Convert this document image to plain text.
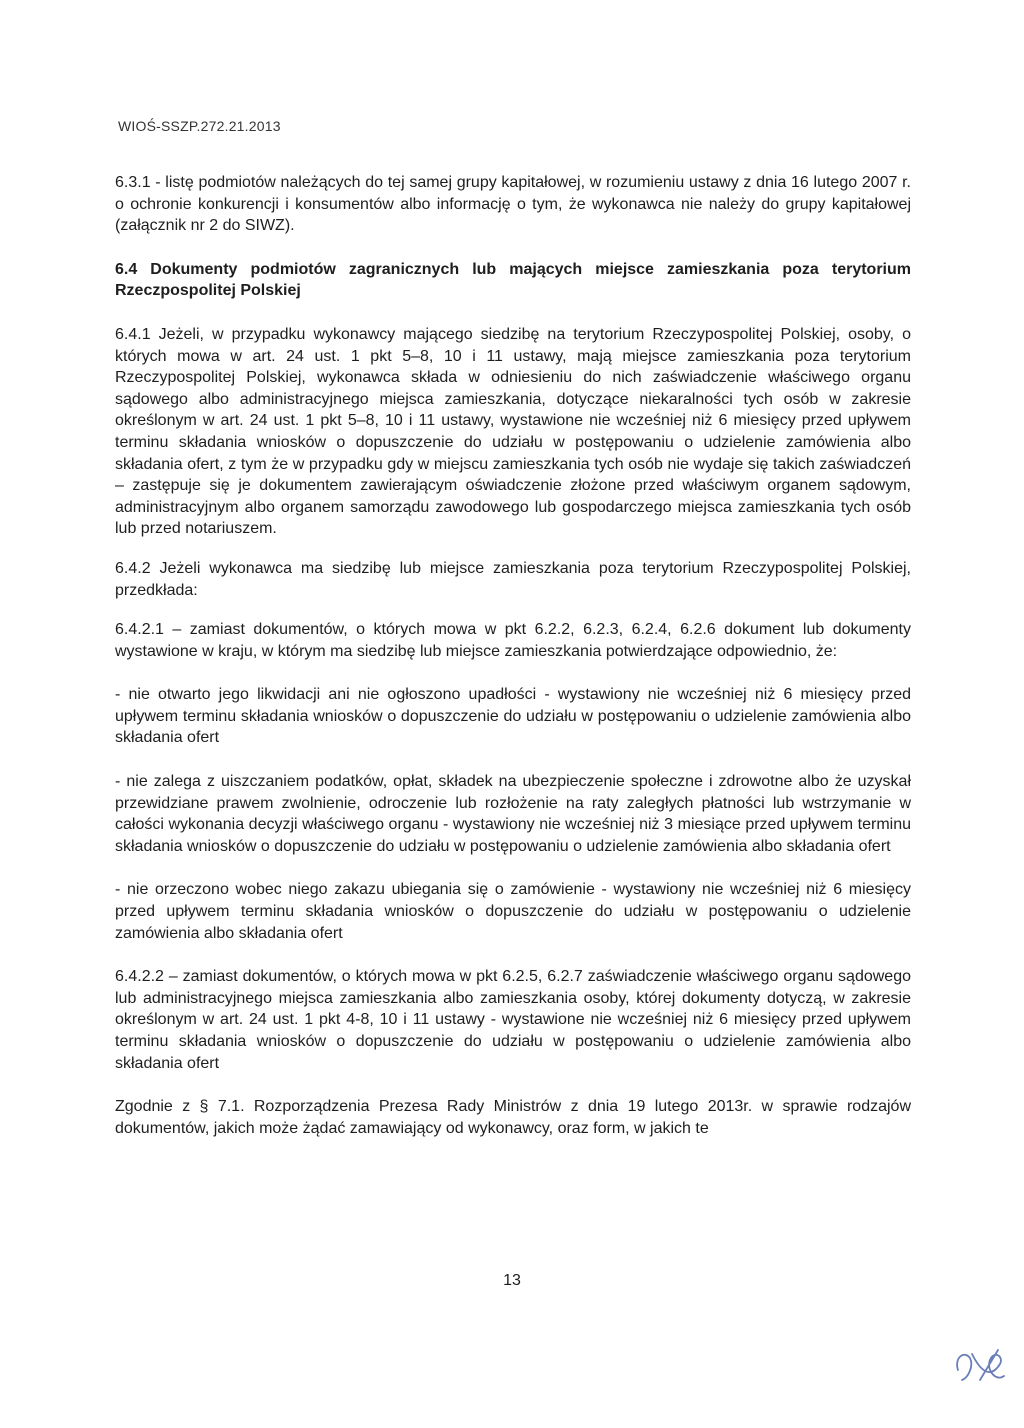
WIOŚ-SSZP.272.21.2013

6.3.1 - listę podmiotów należących do tej samej grupy kapitałowej, w rozumieniu ustawy z dnia 16 lutego 2007 r. o ochronie konkurencji i konsumentów albo informację o tym, że wykonawca nie należy do grupy kapitałowej (załącznik nr 2 do SIWZ).

6.4 Dokumenty podmiotów zagranicznych lub mających miejsce zamieszkania poza terytorium Rzeczpospolitej Polskiej

6.4.1 Jeżeli, w przypadku wykonawcy mającego siedzibę na terytorium Rzeczypospolitej Polskiej, osoby, o których mowa w art. 24 ust. 1 pkt 5–8, 10 i 11 ustawy, mają miejsce zamieszkania poza terytorium Rzeczypospolitej Polskiej, wykonawca składa w odniesieniu do nich zaświadczenie właściwego organu sądowego albo administracyjnego miejsca zamieszkania, dotyczące niekaralności tych osób w zakresie określonym w art. 24 ust. 1 pkt 5–8, 10 i 11 ustawy, wystawione nie wcześniej niż 6 miesięcy przed upływem terminu składania wniosków o dopuszczenie do udziału w postępowaniu o udzielenie zamówienia albo składania ofert, z tym że w przypadku gdy w miejscu zamieszkania tych osób nie wydaje się takich zaświadczeń – zastępuje się je dokumentem zawierającym oświadczenie złożone przed właściwym organem sądowym, administracyjnym albo organem samorządu zawodowego lub gospodarczego miejsca zamieszkania tych osób lub przed notariuszem.

6.4.2 Jeżeli wykonawca ma siedzibę lub miejsce zamieszkania poza terytorium Rzeczypospolitej Polskiej, przedkłada:

6.4.2.1 – zamiast dokumentów, o których mowa w pkt 6.2.2, 6.2.3, 6.2.4, 6.2.6 dokument lub dokumenty wystawione w kraju, w którym ma siedzibę lub miejsce zamieszkania potwierdzające odpowiednio, że:

- nie otwarto jego likwidacji ani nie ogłoszono upadłości - wystawiony nie wcześniej niż 6 miesięcy przed upływem terminu składania wniosków o dopuszczenie do udziału w postępowaniu o udzielenie zamówienia albo składania ofert

- nie zalega z uiszczaniem podatków, opłat, składek na ubezpieczenie społeczne i zdrowotne albo że uzyskał przewidziane prawem zwolnienie, odroczenie lub rozłożenie na raty zaległych płatności lub wstrzymanie w całości wykonania decyzji właściwego organu - wystawiony nie wcześniej niż 3 miesiące przed upływem terminu składania wniosków o dopuszczenie do udziału w postępowaniu o udzielenie zamówienia albo składania ofert

- nie orzeczono wobec niego zakazu ubiegania się o zamówienie - wystawiony nie wcześniej niż 6 miesięcy przed upływem terminu składania wniosków o dopuszczenie do udziału w postępowaniu o udzielenie zamówienia albo składania ofert

6.4.2.2 – zamiast dokumentów, o których mowa w pkt 6.2.5, 6.2.7 zaświadczenie właściwego organu sądowego lub administracyjnego miejsca zamieszkania albo zamieszkania osoby, której dokumenty dotyczą, w zakresie określonym w art. 24 ust. 1 pkt 4-8, 10 i 11 ustawy - wystawione nie wcześniej niż 6 miesięcy przed upływem terminu składania wniosków o dopuszczenie do udziału w postępowaniu o udzielenie zamówienia albo składania ofert

Zgodnie z § 7.1. Rozporządzenia Prezesa Rady Ministrów z dnia 19 lutego 2013r. w sprawie rodzajów dokumentów, jakich może żądać zamawiający od wykonawcy, oraz form, w jakich te

13
